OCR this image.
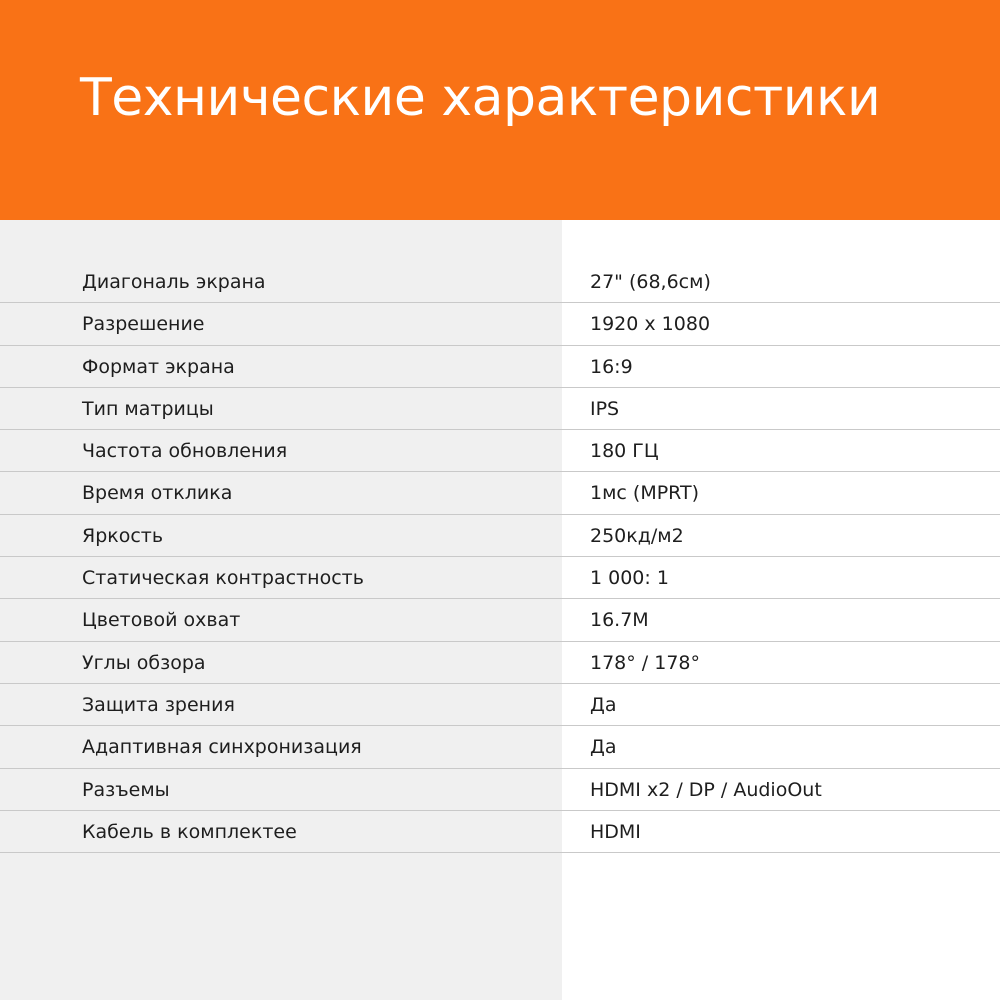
Технические характеристики
Диагональ экрана	27" (68,6см)
Разрешение	1920 x 1080
Формат экрана	16:9
Тип матрицы	IPS
Частота обновления	180 ГЦ
Время отклика	1мс (MPRT)
Яркость	250кд/м2
Статическая контрастность	1 000: 1
Цветовой охват	16.7M
Углы обзора	178° / 178°
Защита зрения	Да
Адаптивная синхронизация	Да
Разъемы	HDMI x2 / DP / AudioOut
Кабель в комплектее	HDMI
